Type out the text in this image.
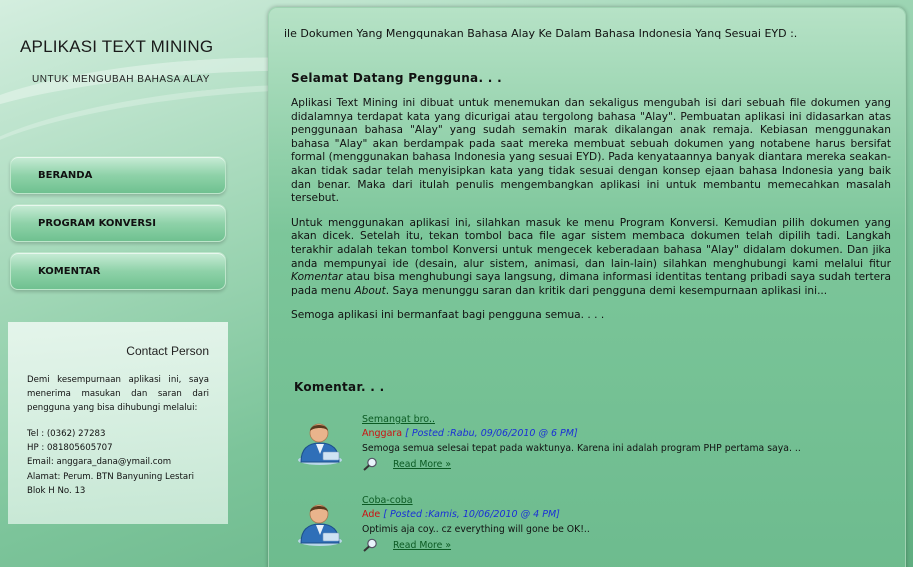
APLIKASI TEXT MINING
UNTUK MENGUBAH BAHASA ALAY
BERANDA
PROGRAM KONVERSI
KOMENTAR
Contact Person
Demi kesempurnaan aplikasi ini, saya menerima masukan dan saran dari pengguna yang bisa dihubungi melalui:
Tel : (0362) 27283
HP : 081805605707
Email: anggara_dana@ymail.com
Alamat: Perum. BTN Banyuning Lestari
Blok H No. 13
ile Dokumen Yang Mengqunakan Bahasa Alay Ke Dalam Bahasa Indonesia Yanq Sesuai EYD :.
Selamat Datang Pengguna. . .

Aplikasi Text Mining ini dibuat untuk menemukan dan sekaligus mengubah isi dari sebuah file dokumen yang didalamnya terdapat kata yang dicurigai atau tergolong bahasa "Alay". Pembuatan aplikasi ini didasarkan atas penggunaan bahasa "Alay" yang sudah semakin marak dikalangan anak remaja. Kebiasan menggunakan bahasa "Alay" akan berdampak pada saat mereka membuat sebuah dokumen yang notabene harus bersifat formal (menggunakan bahasa Indonesia yang sesuai EYD). Pada kenyataannya banyak diantara mereka seakan-akan tidak sadar telah menyisipkan kata yang tidak sesuai dengan konsep ejaan bahasa Indonesia yang baik dan benar. Maka dari itulah penulis mengembangkan aplikasi ini untuk membantu memecahkan masalah tersebut.

Untuk menggunakan aplikasi ini, silahkan masuk ke menu Program Konversi. Kemudian pilih dokumen yang akan dicek. Setelah itu, tekan tombol baca file agar sistem membaca dokumen telah dipilih tadi. Langkah terakhir adalah tekan tombol Konversi untuk mengecek keberadaan bahasa "Alay" didalam dokumen. Dan jika anda mempunyai ide (desain, alur sistem, animasi, dan lain-lain) silahkan menghubungi kami melalui fitur Komentar atau bisa menghubungi saya langsung, dimana informasi identitas tentang pribadi saya sudah tertera pada menu About. Saya menunggu saran dan kritik dari pengguna demi kesempurnaan aplikasi ini...

Semoga aplikasi ini bermanfaat bagi pengguna semua. . . .

Komentar. . .
Semangat bro..
Anggara [ Posted :Rabu, 09/06/2010 @ 6 PM]
Semoga semua selesai tepat pada waktunya. Karena ini adalah program PHP pertama saya. ..
Read More »
Coba-coba
Ade [ Posted :Kamis, 10/06/2010 @ 4 PM]
Optimis aja coy.. cz everything will gone be OK!..
Read More »
